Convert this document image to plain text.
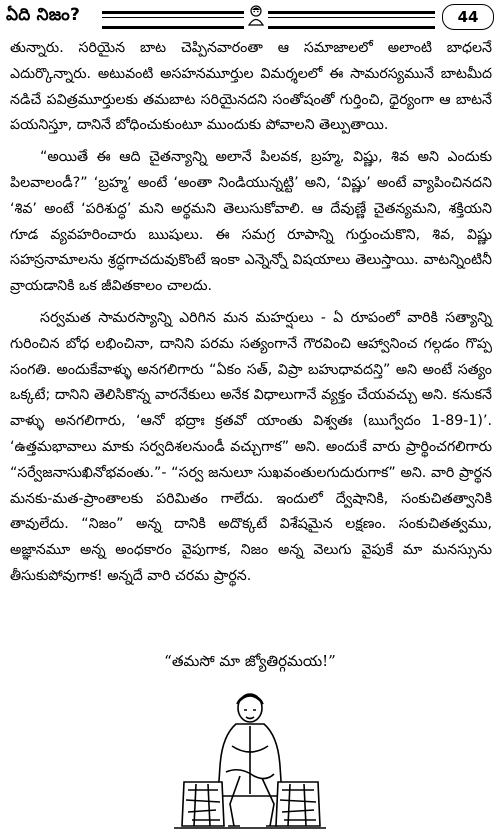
ఏది నిజం?	44

తున్నారు. సరియైన బాట చెప్పినవారంతా ఆ సమాజాలలో అలాంటి బాధలనే ఎదుర్కొన్నారు. అటువంటి అసహనమూర్తుల విమర్శలలో ఈ సామరస్యమునే బాటమీద నడిచే పవిత్రమూర్తులకు తమబాట సరియైనదని సంతోషంతో గుర్తించి, ధైర్యంగా ఆ బాటనే పయనిస్తూ, దానినే బోధించుకుంటూ ముందుకు పోవాలని తెల్పుతాయి.

“అయితే ఈ ఆది చైతన్యాన్ని అలానే పిలవక, బ్రహ్మ, విష్ణు, శివ అని ఎందుకు పిలవాలండీ?” ‘బ్రహ్మ’ అంటే ‘అంతా నిండియున్నట్టి’ అని, ‘విష్ణు’ అంటే వ్యాపించినదని ‘శివ’ అంటే ‘పరిశుద్ధ’ మని అర్థమని తెలుసుకోవాలి. ఆ దేవుణ్ణే చైతన్యమని, శక్తియని గూడ వ్యవహరించారు ఋషులు. ఈ సమగ్ర రూపాన్ని గుర్తుంచుకొని, శివ, విష్ణు సహస్రనామాలను శ్రద్ధగాచదువుకొంటే ఇంకా ఎన్నెన్నో విషయాలు తెలుస్తాయి. వాటన్నింటినీ వ్రాయడానికి ఒక జీవితకాలం చాలదు.

సర్వమత సామరస్యాన్ని ఎరిగిన మన మహర్షులు - ఏ రూపంలో వారికి సత్యాన్ని గురించిన బోధ లభించినా, దానిని పరమ సత్యంగానే గౌరవించి ఆహ్వానించ గల్గడం గొప్ప సంగతి. అందుకేవాళ్ళు అనగలిగారు “ఏకం సత్, విప్రా బహుధావదన్తి” అని అంటే సత్యం ఒక్కటే; దానిని తెలిసికొన్న వారనేకులు అనేక విధాలుగానే వ్యక్తం చేయవచ్చు అని. కనుకనే వాళ్ళు అనగలిగారు, ‘ఆనో భద్రాః క్రతవో యాంతు విశ్వతః (ఋగ్వేదం 1-89-1)’. ‘ఉత్తమభావాలు మాకు సర్వదిశలనుండీ వచ్చుగాక” అని. అందుకే వారు ప్రార్థించగలిగారు “సర్వేజనాసుఖినోభవంతు.”- “సర్వ జనులూ సుఖవంతులగుదురుగాక” అని. వారి ప్రార్థన మనకు-మత-ప్రాంతాలకు పరిమితం గాలేదు. ఇందులో ద్వేషానికి, సంకుచితత్వానికి తావులేదు. “నిజం” అన్న దానికి అదొక్కటే విశేషమైన లక్షణం. సంకుచితత్వము, అజ్ఞానమూ అన్న అంధకారం వైపుగాక, నిజం అన్న వెలుగు వైపుకే మా మనస్సును తీసుకుపోవుగాక! అన్నదే వారి చరమ ప్రార్థన.

“తమసో మా జ్యోతిర్గమయ!”
